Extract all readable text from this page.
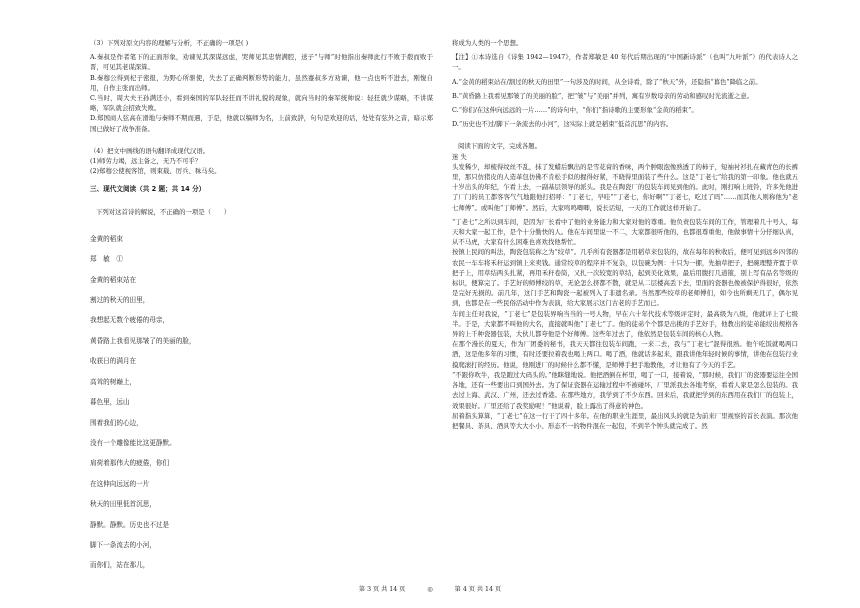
（3）下列对原文内容的理解与分析，不正确的一项是( )

A.秦叔是作者笔下的正面形象，劝谏见其深谋远虑，哭师见其忠情满腔，送子“与师”时他指出秦师此行不败于殽而败于晋，可见其老谋深算。

B.秦穆公得到杞子密报，为野心所驱使，失去了正确判断形势的能力，虽然蹇叔多方劝谏，他一点也听不进去，刚愎自用，自作主张而出师。

C.当时，周大夫王孙满还小，看到秦国的军队轻狂而不讲礼貌的现象，就向当时的秦军统帅说：轻狂就少谋略，不讲谋略，军队就会招致失败。

D.郑国商人弦高在滑地与秦师不期而遇，于是，他就以犒师为名，上前致辞，句句是欢迎的话，处处有弦外之音，暗示郑国已做好了战争准备。

（4）把文中画线的语句翻译成现代汉语。

(1)师劳力竭，远主备之，无乃不可乎？

(2)郑穆公使视客馆，则束载、厉兵、秣马矣。

三、现代文阅读（共 2 题；共 14 分）

下列对这首诗的解说，不正确的一项是（　　）

金黄的稻束

郑　敏　①

金黄的稻束站在

割过的秋天的田里，

我想起无数个疲倦的母亲，

黄昏路上我看见那皱了的美丽的脸，

收获日的满月在

高耸的树巅上，

暮色里，远山

围着我们的心边，

没有一个雕像能比这更静默。

肩荷着那伟大的疲倦，你们

在这伸向远远的一片

秋天的田里低首沉思，

静默。静默。历史也不过是

脚下一条流去的小河，

而你们，站在那儿，

将成为人类的一个思想。

【注】①本诗选自《诗集 1942—1947》，作者郑敏是 40 年代后期出现的“中国新诗派”（也叫“九叶派”）的代表诗人之一。

A.“金黄的稻束站在/割过的秋天的田里”一句涉及的时间，从全诗看，除了“秋天”外，还隐指“暮色”降临之前。

B.“黄昏路上我看见那皱了的美丽的脸”，把“皱”与“美丽”并列，寓有岁数母亲的劳动和感叹时光流逝之意。

C.“你们/在这伸向远远的一片……”的诗句中，“你们”指诗歌的主要形象“金黄的稻束”。

D.“历史也不过/脚下一条流去的小河”，这实际上就是稻束“低首沉思”的内容。

阅读下面的文字，完成各题。

迷 失

头发稀少，却梳得纹丝不乱，抹了发蜡后飘出的是雪花膏的香味，两个肿眼泡像熟透了的柿子，短袖衬衫扎在藏青色的长裤里，那只仿猪皮的人造革包仿佛不肯松手似的握得好紧，不晓得里面装了些什么。这是“丁老七”给我的第一印象。他也就五十岁出头的年纪，乍看上去，一副基层领导的派头。我是在陶瓷厂的包装车间见到他的。此时，刚打响上班铃，许多先他进了厂门的员工都客客气气地跟他打招呼：“丁老七，早哇”“丁老七，你好啊”“丁老七，吃过了吗”……而其他人则称他为“老七师傅”。或叫他“丁师傅”。然后，大家鸣鸣唧唧，说长话短，一天的工作就这样开始了。

“丁老七”之所以到车间，是因为厂长看中了他的业务能力和大家对他的尊重。他负责包装车间的工作，管理着几十号人，每天和大家一起工作，是个十分勤快的人。他在车间里说一不二，大家都很听他的，也都很尊重他，他做事情十分仔细认真，从不马虎，大家有什么困难也喜欢找他帮忙。

按镇上民间的叫法，陶瓷包装称之为“绞草”。几乎所有瓷器都是用稻草来包装的，故在每年的秋收后，便可见到远乡四邻的农民一车车将禾秆运到镇上来卖钱。通常绞草的程序并不复杂，以包碗为例：十只为一摞，先抽草把子，把碗理整齐置于草把子上，用草结两头扎紧，再用禾秆卷筒，又扎一次较宽的草结，起到美化效果，最后用腹打几道箍，别上写有品名等级的标识，便算完了。手艺好的师傅绞的草，无论怎么挤都不散，就是从二层楼高丢下去，里面的瓷器也像被保护得很好，依然是完好无损的。前几年，这门手艺和陶瓷一起被列入了非遗名录。当然那些绞草的老师傅们，如今也所剩无几了，偶尔见到，也都是在一些民俗活动中作为表演，给大家展示这门古老的手艺而已。

车间主任对我说，“丁老七”是包装界响当当的一号人物，早在六十年代技术等级评定时，最高级为八级，他就评上了七级半。于是，大家都不叫他的大名，直接就叫他“丁老七”了。他的徒弟个个都是出挑的手艺好手，他教出的徒弟能绞出规格各异的上千种瓷器包装，大伙儿都夸他是个好师傅。这些年过去了，他依然是包装车间的核心人物。

在那个漫长的夏天，作为厂团委的秘书，我天天都往包装车间跑，一来二去，我与“丁老七”混得很熟。他午吃饭就喝两口酒，这是他多年的习惯，有时还要拉着我也喝上两口。喝了酒，他就话多起来，跟我讲他年轻时候的事情，讲他在包装行业摸爬滚打的经历。他说，他刚进厂的时候什么都不懂，是师傅手把手地教他，才让他有了今天的手艺。

“不跟你吹牛，我是跑过大码头的。”他眯缝地说。他把酒倒在杯里，喝了一口，接着说，“那时候，我们厂的瓷器要运往全国各地，还有一些要出口到国外去。为了保证瓷器在运输过程中不被碰坏，厂里派我去各地考察，看看人家是怎么包装的。我去过上海、武汉、广州，还去过香港。在那些地方，我学到了不少东西。回来后，我就把学到的东西用在我们厂的包装上，效果很好。厂里还给了我奖励呢！”他说着，脸上露出了得意的神色。

屈着指头算算，“丁老七”在这一行干了四十多年。在他的职业生涯里，最出风头的就是为前来厂里视察的首长表演。那次他把餐具、茶具、酒具等大大小小、形态不一的物件混在一起包，不到半个钟头就完成了。然

第 3 页 共 14 页	◎	第 4 页 共 14 页
